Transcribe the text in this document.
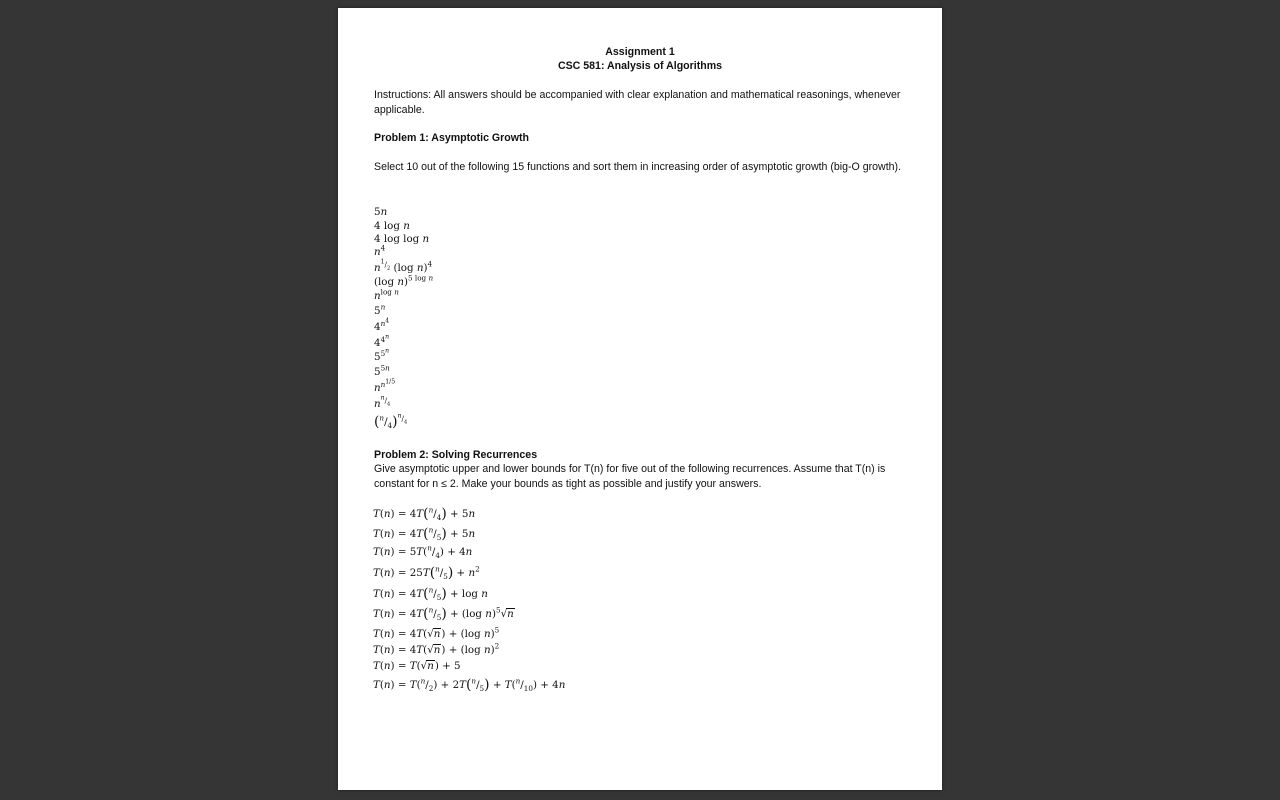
Assignment 1
CSC 581: Analysis of Algorithms
Instructions: All answers should be accompanied with clear explanation and mathematical reasonings, whenever applicable.
Problem 1: Asymptotic Growth
Select 10 out of the following 15 functions and sort them in increasing order of asymptotic growth (big-O growth).
5n
4 log n
4 log log n
$n^4$
$n^{^1/_2}$ (log n)$^4$
(log n)$^{5 log n}$
$n^{log n}$
5$^n$
$4^{n^4}$
$4^{4^n}$
$5^{5^n}$
$5^{5n}$
$n^{n^{1/5}}$
$n^{^n/_4}$
$(^n/_4)^{^n/_4}$
Problem 2: Solving Recurrences
Give asymptotic upper and lower bounds for T(n) for five out of the following recurrences. Assume that T(n) is constant for n ≤ 2. Make your bounds as tight as possible and justify your answers.
$T(n) = 4T(^n/_4) + 5n$
$T(n) = 4T(^n/_5) + 5n$
$T(n) = 5T(^n/_4) + 4n$
$T(n) = 25T(^n/_5) + n^2$
$T(n) = 4T(^n/_5) + \log n$
$T(n) = 4T(^n/_5) + (\log$ n)$^5$√n
T(n) = 4T(√n) + (log n)$^5$
T(n) = 4T(√n) + (log n)$^2$
T(n) = T(√n) + 5
$T(n) = T(^n/_2) + 2T(^n/_5) + T(^n/_{10}) + 4n$
